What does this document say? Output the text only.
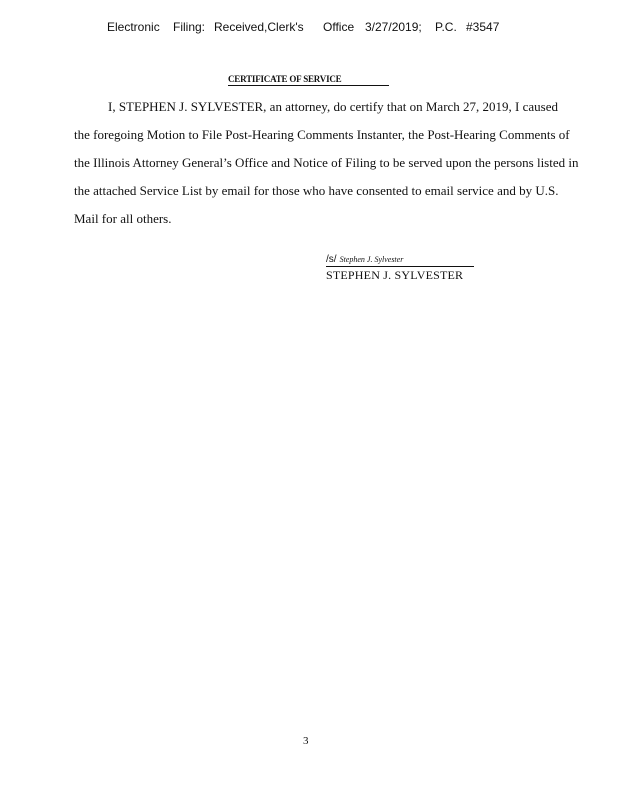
Electronic Filing: Received,Clerk's Office 3/27/2019; P.C. #3547
CERTIFICATE OF SERVICE
I, STEPHEN J. SYLVESTER, an attorney, do certify that on March 27, 2019, I caused
the foregoing Motion to File Post-Hearing Comments Instanter, the Post-Hearing Comments of
the Illinois Attorney General’s Office and Notice of Filing to be served upon the persons listed in
the attached Service List by email for those who have consented to email service and by U.S.
Mail for all others.
/s/ Stephen J. Sylvester
STEPHEN J. SYLVESTER
3
